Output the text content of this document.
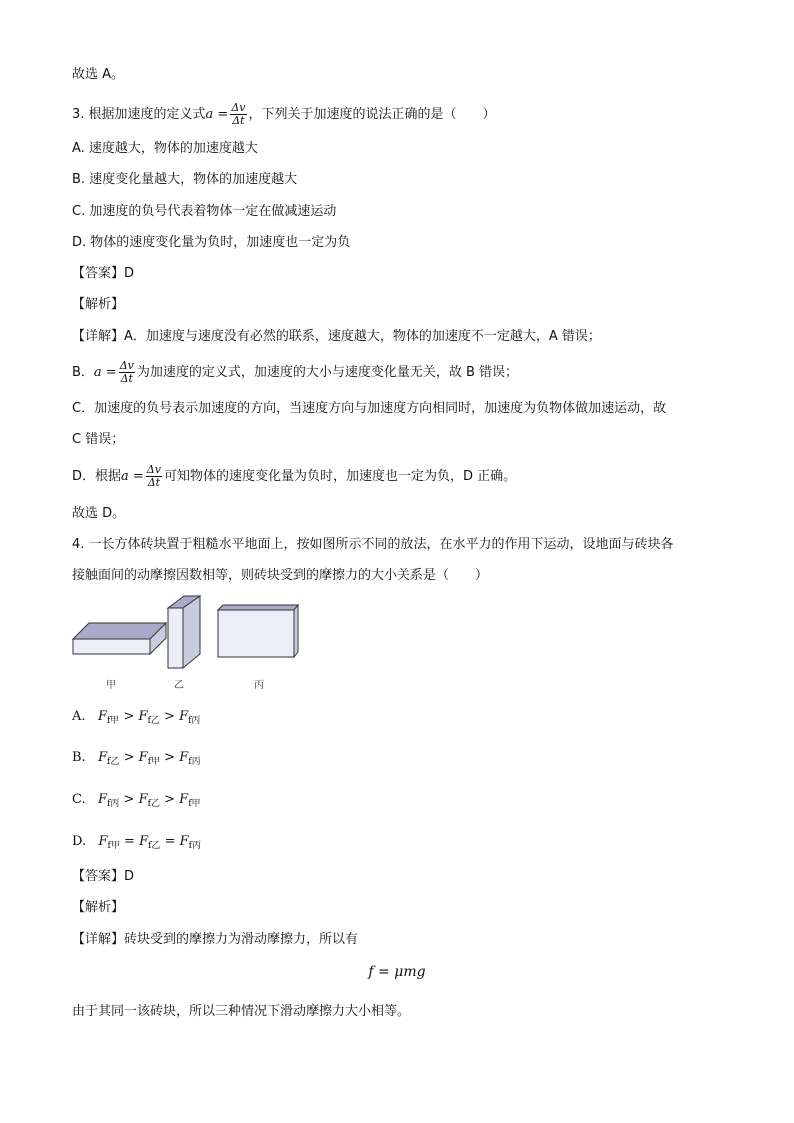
故选 A。
3. 根据加速度的定义式$a = \frac{\Delta v}{\Delta t}$ ，下列关于加速度的说法正确的是（　　）
A. 速度越大，物体的加速度越大
B. 速度变化量越大，物体的加速度越大
C. 加速度的负号代表着物体一定在做减速运动
D. 物体的速度变化量为负时，加速度也一定为负
【答案】D
【解析】
【详解】A．加速度与速度没有必然的联系，速度越大，物体的加速度不一定越大，A 错误；
B．$a = \frac{\Delta v}{\Delta t}$ 为加速度的定义式，加速度的大小与速度变化量无关，故 B 错误；
C．加速度的负号表示加速度的方向，当速度方向与加速度方向相同时，加速度为负物体做加速运动，故
C 错误；
D．根据$a = \frac{\Delta v}{\Delta t}$ 可知物体的速度变化量为负时，加速度也一定为负，D 正确。
故选 D。
4. 一长方体砖块置于粗糙水平地面上，按如图所示不同的放法，在水平力的作用下运动，设地面与砖块各
接触面间的动摩擦因数相等，则砖块受到的摩擦力的大小关系是（　　）
甲	乙	丙
A. $F_{f甲} > F_{f乙} > F_{f丙}$
B. $F_{f乙} > F_{f甲} > F_{f丙}$
C. $F_{f丙} > F_{f乙} > F_{f甲}$
D. $F_{f甲} = F_{f乙} = F_{f丙}$
【答案】D
【解析】
【详解】砖块受到的摩擦力为滑动摩擦力，所以有
f = μmg
由于其同一该砖块，所以三种情况下滑动摩擦力大小相等。
